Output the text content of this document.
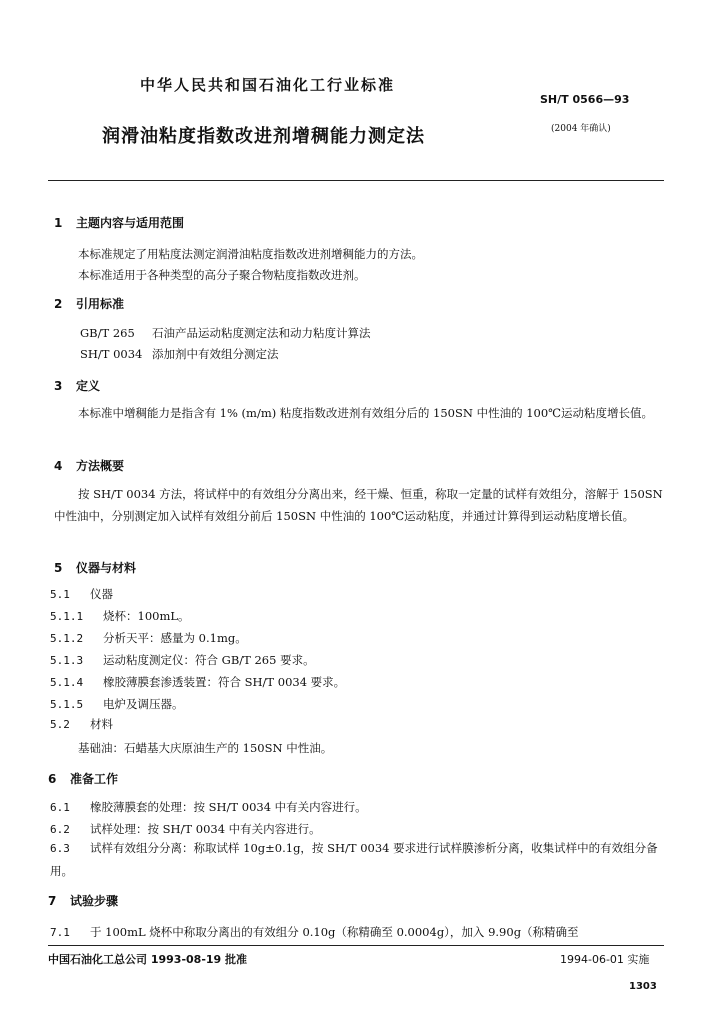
中华人民共和国石油化工行业标准
SH/T 0566—93
润滑油粘度指数改进剂增稠能力测定法	(2004 年确认)
1 主题内容与适用范围
本标准规定了用粘度法测定润滑油粘度指数改进剂增稠能力的方法。
本标准适用于各种类型的高分子聚合物粘度指数改进剂。
2 引用标准
GB/T 265 石油产品运动粘度测定法和动力粘度计算法
SH/T 0034 添加剂中有效组分测定法
3 定义
本标准中增稠能力是指含有 1% (m/m) 粘度指数改进剂有效组分后的 150SN 中性油的 100℃运动粘度增长值。
4 方法概要
按 SH/T 0034 方法，将试样中的有效组分分离出来，经干燥、恒重，称取一定量的试样有效组分，溶解于 150SN 中性油中，分别测定加入试样有效组分前后 150SN 中性油的 100℃运动粘度，并通过计算得到运动粘度增长值。
5 仪器与材料
5.1 仪器
5.1.1 烧杯：100mL。
5.1.2 分析天平：感量为 0.1mg。
5.1.3 运动粘度测定仪：符合 GB/T 265 要求。
5.1.4 橡胶薄膜套渗透装置：符合 SH/T 0034 要求。
5.1.5 电炉及调压器。
5.2 材料
基础油：石蜡基大庆原油生产的 150SN 中性油。
6 准备工作
6.1 橡胶薄膜套的处理：按 SH/T 0034 中有关内容进行。
6.2 试样处理：按 SH/T 0034 中有关内容进行。
6.3 试样有效组分分离：称取试样 10g±0.1g，按 SH/T 0034 要求进行试样膜渗析分离，收集试样中的有效组分备用。
7 试验步骤
7.1 于 100mL 烧杯中称取分离出的有效组分 0.10g（称精确至 0.0004g），加入 9.90g（称精确至
中国石油化工总公司 1993-08-19 批准	1994-06-01 实施
1303
